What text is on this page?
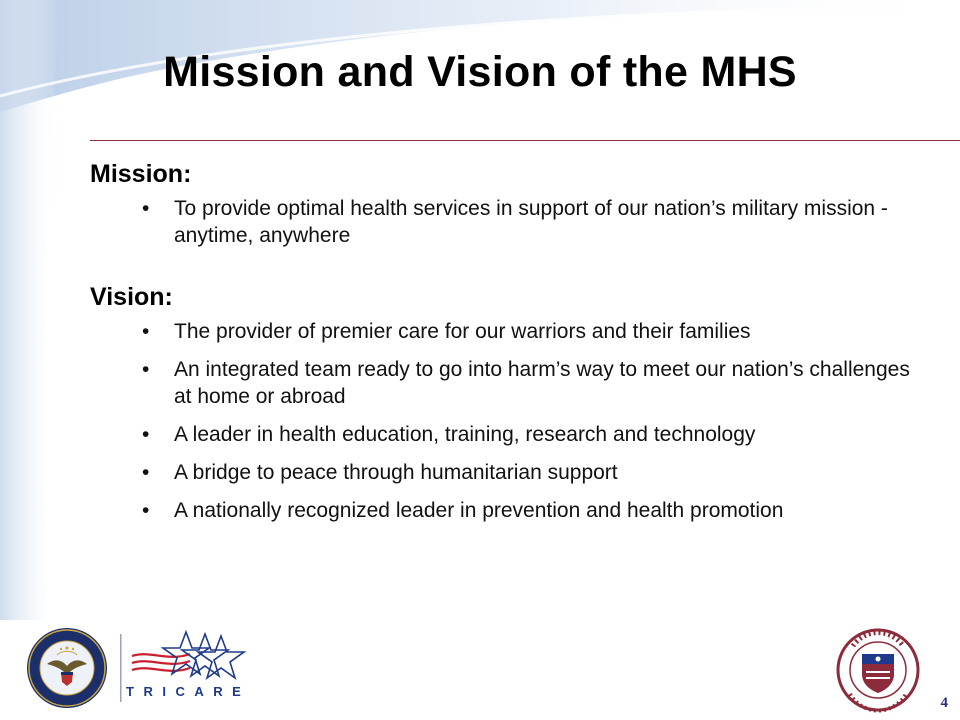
Mission and Vision of the MHS

Mission:

• To provide optimal health services in support of our nation’s military mission - anytime, anywhere

Vision:

• The provider of premier care for our warriors and their families
• An integrated team ready to go into harm’s way to meet our nation’s challenges at home or abroad
• A leader in health education, training, research and technology
• A bridge to peace through humanitarian support
• A nationally recognized leader in prevention and health promotion
TRICARE
4
